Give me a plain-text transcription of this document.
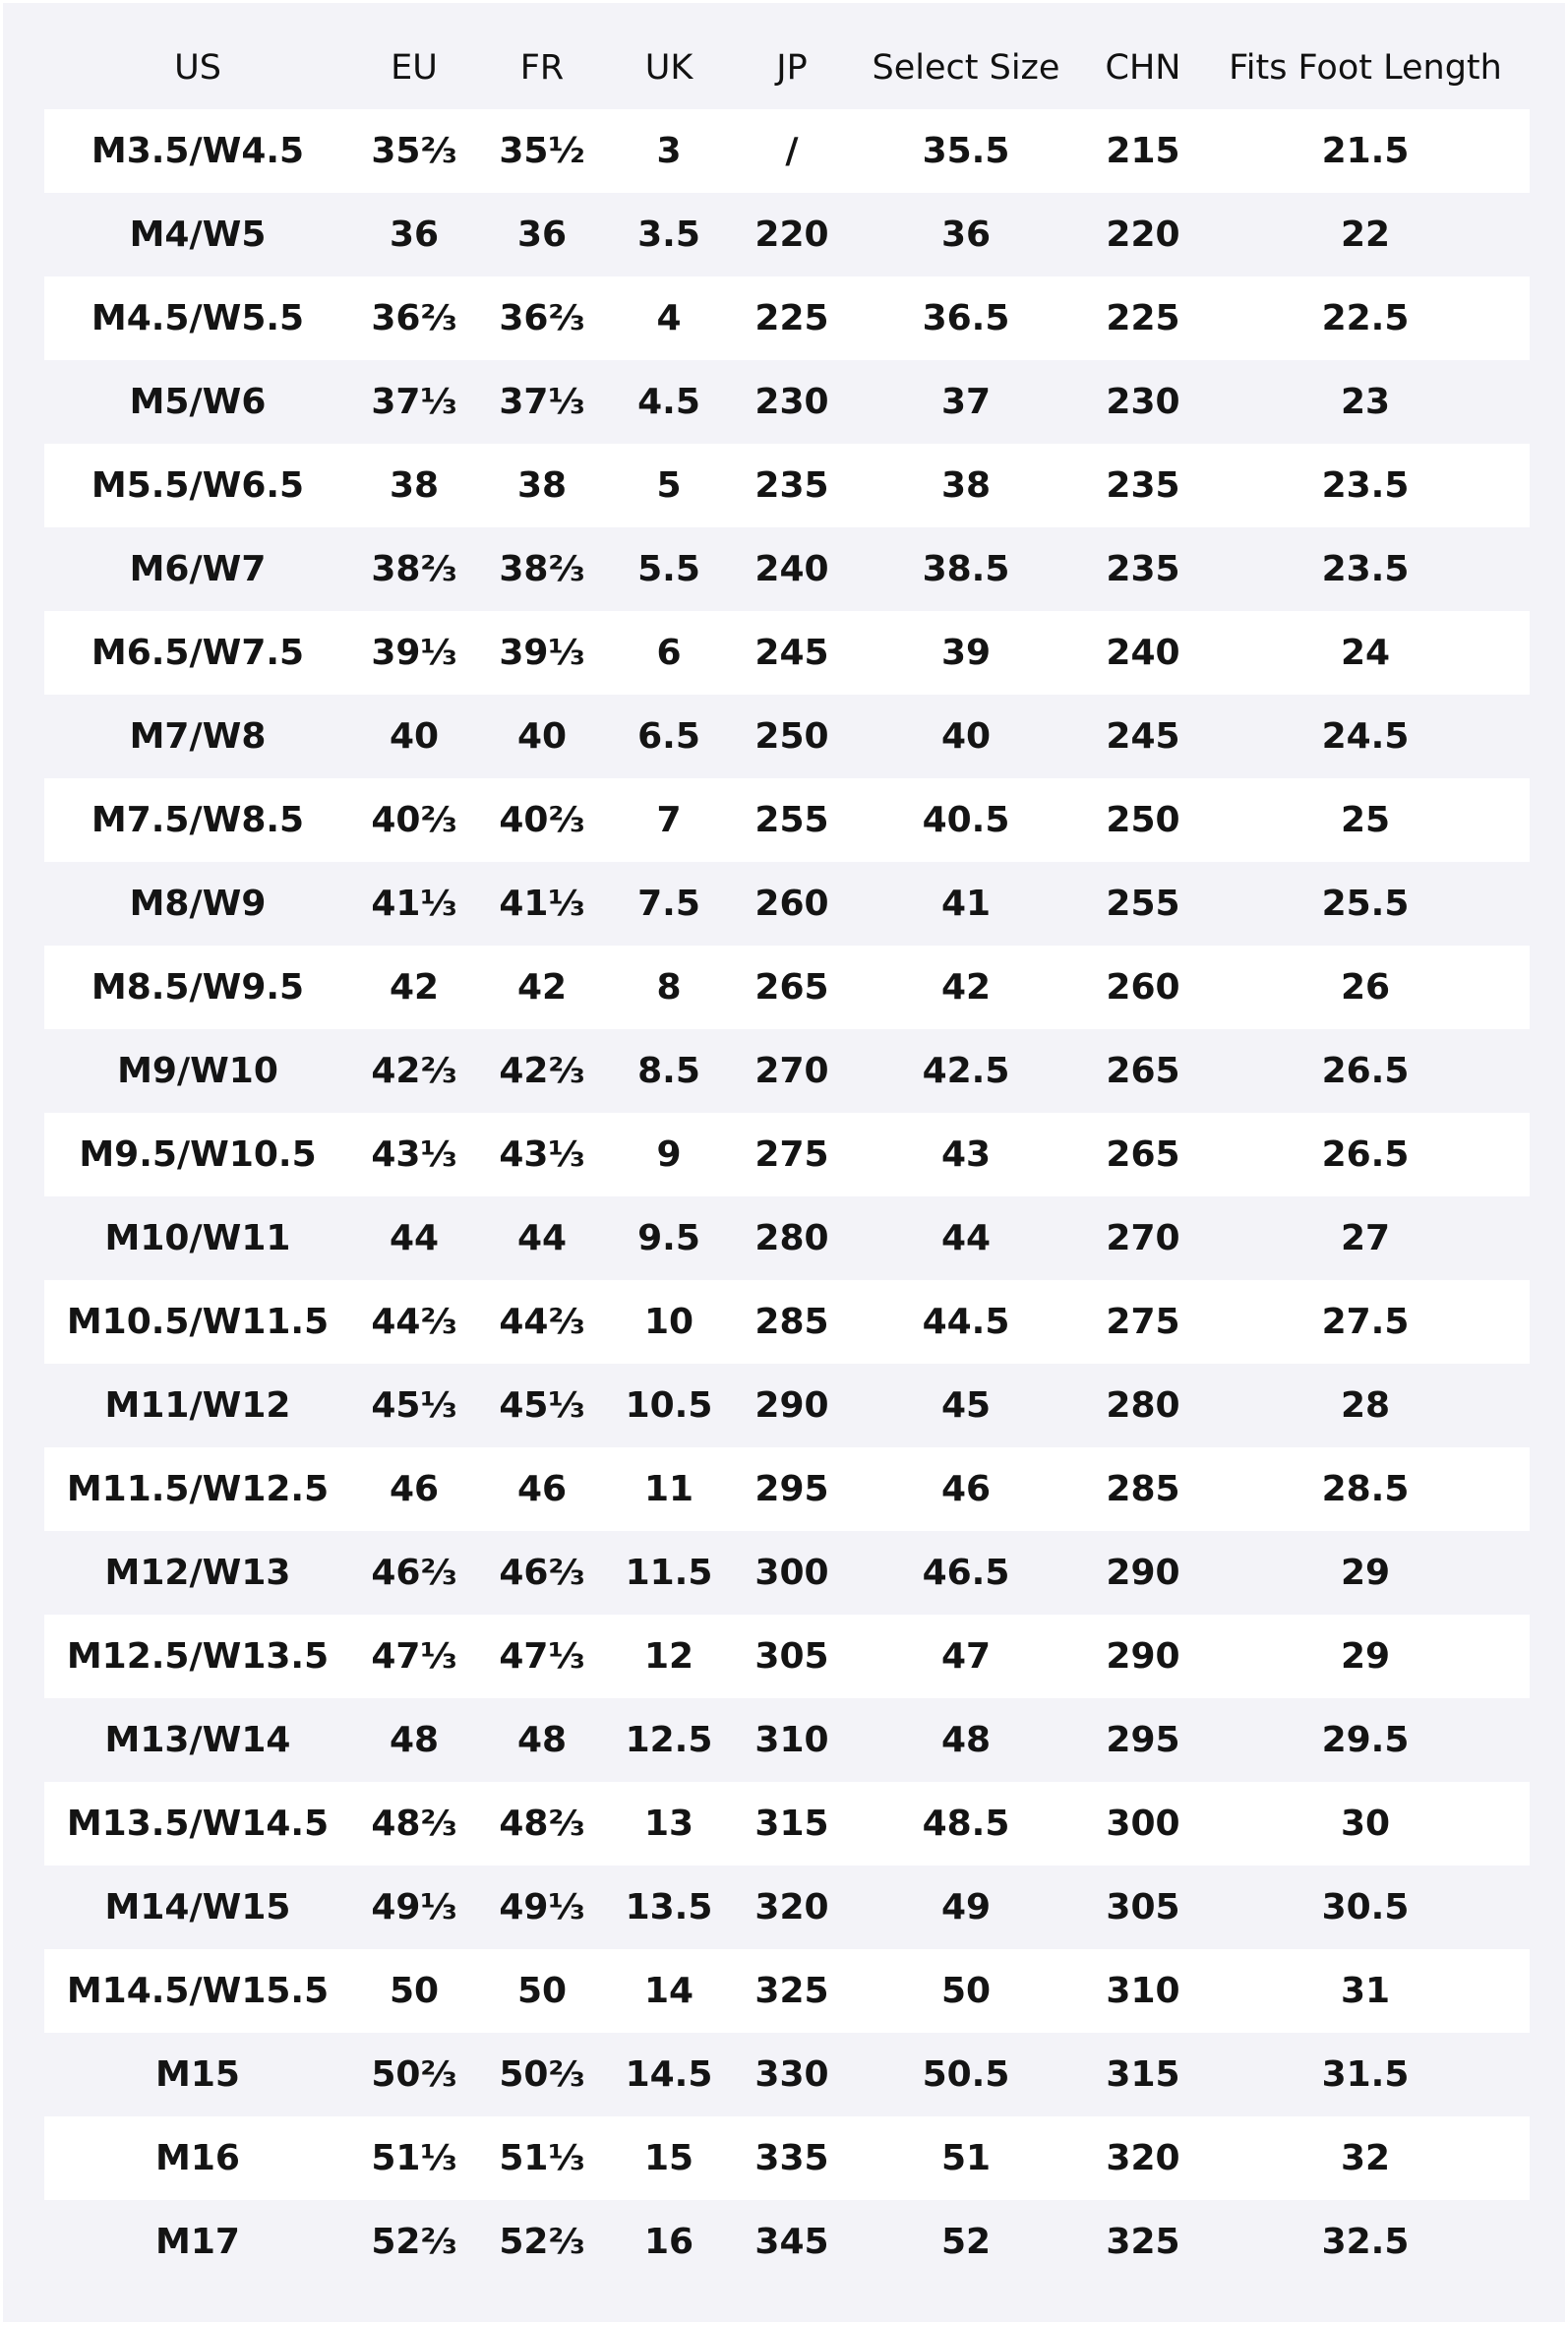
US	EU	FR	UK	JP	Select Size	CHN	Fits Foot Length
M3.5/W4.5	35⅔	35½	3	/	35.5	215	21.5
M4/W5	36	36	3.5	220	36	220	22
M4.5/W5.5	36⅔	36⅔	4	225	36.5	225	22.5
M5/W6	37⅓	37⅓	4.5	230	37	230	23
M5.5/W6.5	38	38	5	235	38	235	23.5
M6/W7	38⅔	38⅔	5.5	240	38.5	235	23.5
M6.5/W7.5	39⅓	39⅓	6	245	39	240	24
M7/W8	40	40	6.5	250	40	245	24.5
M7.5/W8.5	40⅔	40⅔	7	255	40.5	250	25
M8/W9	41⅓	41⅓	7.5	260	41	255	25.5
M8.5/W9.5	42	42	8	265	42	260	26
M9/W10	42⅔	42⅔	8.5	270	42.5	265	26.5
M9.5/W10.5	43⅓	43⅓	9	275	43	265	26.5
M10/W11	44	44	9.5	280	44	270	27
M10.5/W11.5	44⅔	44⅔	10	285	44.5	275	27.5
M11/W12	45⅓	45⅓	10.5	290	45	280	28
M11.5/W12.5	46	46	11	295	46	285	28.5
M12/W13	46⅔	46⅔	11.5	300	46.5	290	29
M12.5/W13.5	47⅓	47⅓	12	305	47	290	29
M13/W14	48	48	12.5	310	48	295	29.5
M13.5/W14.5	48⅔	48⅔	13	315	48.5	300	30
M14/W15	49⅓	49⅓	13.5	320	49	305	30.5
M14.5/W15.5	50	50	14	325	50	310	31
M15	50⅔	50⅔	14.5	330	50.5	315	31.5
M16	51⅓	51⅓	15	335	51	320	32
M17	52⅔	52⅔	16	345	52	325	32.5
